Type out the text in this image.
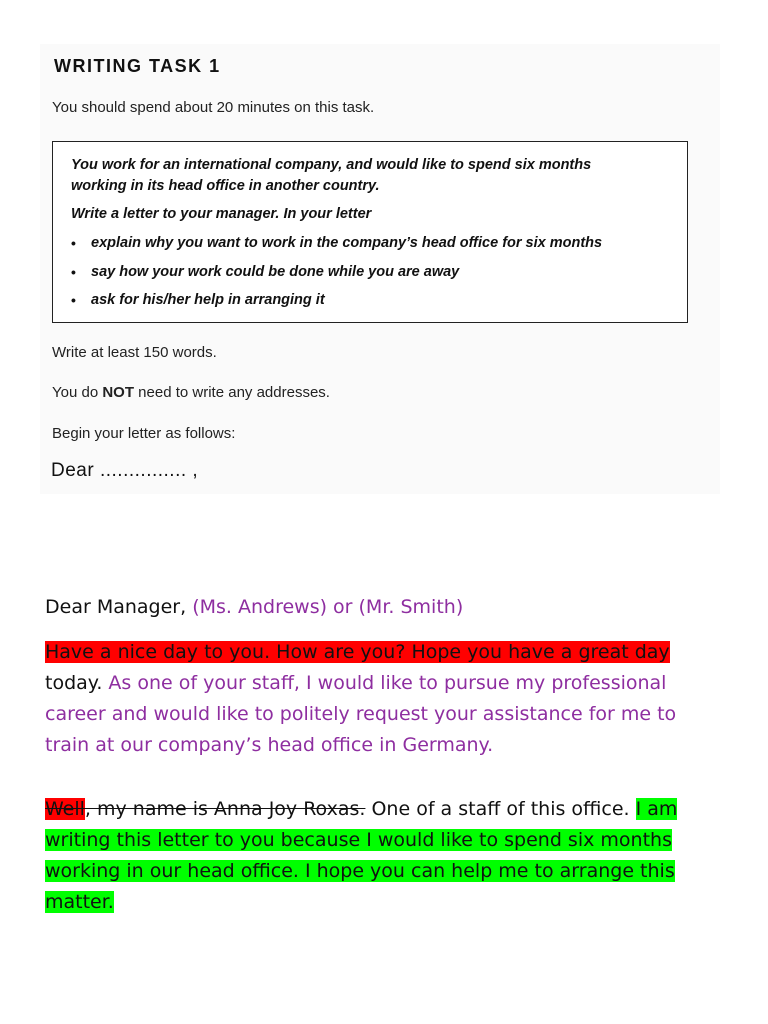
WRITING TASK 1
You should spend about 20 minutes on this task.
You work for an international company, and would like to spend six months
working in its head office in another country.
Write a letter to your manager. In your letter
• explain why you want to work in the company’s head office for six months
• say how your work could be done while you are away
• ask for his/her help in arranging it
Write at least 150 words.
You do NOT need to write any addresses.
Begin your letter as follows:
Dear ............... ,
Dear Manager, (Ms. Andrews) or (Mr. Smith)
Have a nice day to you. How are you? Hope you have a great day
today. As one of your staff, I would like to pursue my professional
career and would like to politely request your assistance for me to
train at our company’s head office in Germany.
Well, my name is Anna Joy Roxas. One of a staff of this office. I am
writing this letter to you because I would like to spend six months
working in our head office. I hope you can help me to arrange this
matter.
